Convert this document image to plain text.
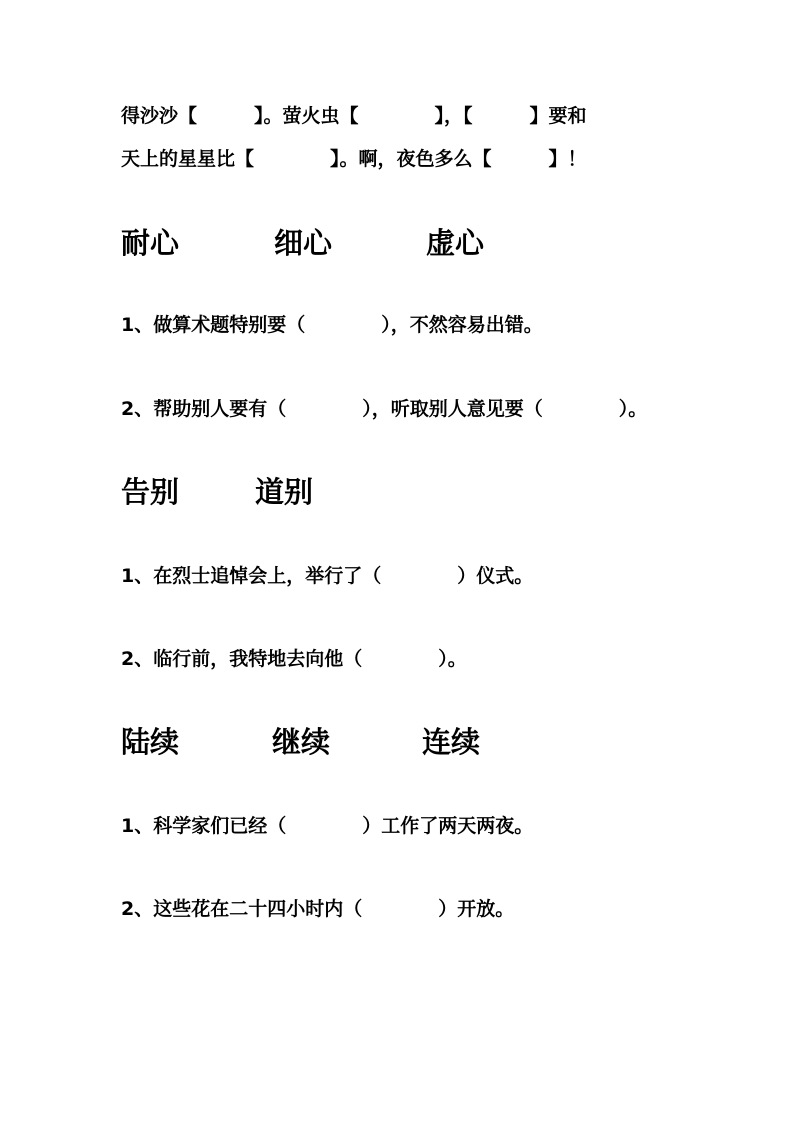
得沙沙【　　　】。萤火虫【　　　　】，【　　　】要和
天上的星星比【　　　　】。啊，夜色多么【　　　】！

耐心

	细心

	虚心

1、做算术题特别要（　　　　），不然容易出错。
2、帮助别人要有（　　　　），听取别人意见要（　　　　）。

告别

	道别

1、在烈士追悼会上，举行了（　　　　）仪式。
2、临行前，我特地去向他（　　　　）。

陆续

	继续

	连续

1、科学家们已经（　　　　）工作了两天两夜。
2、这些花在二十四小时内（　　　　）开放。
